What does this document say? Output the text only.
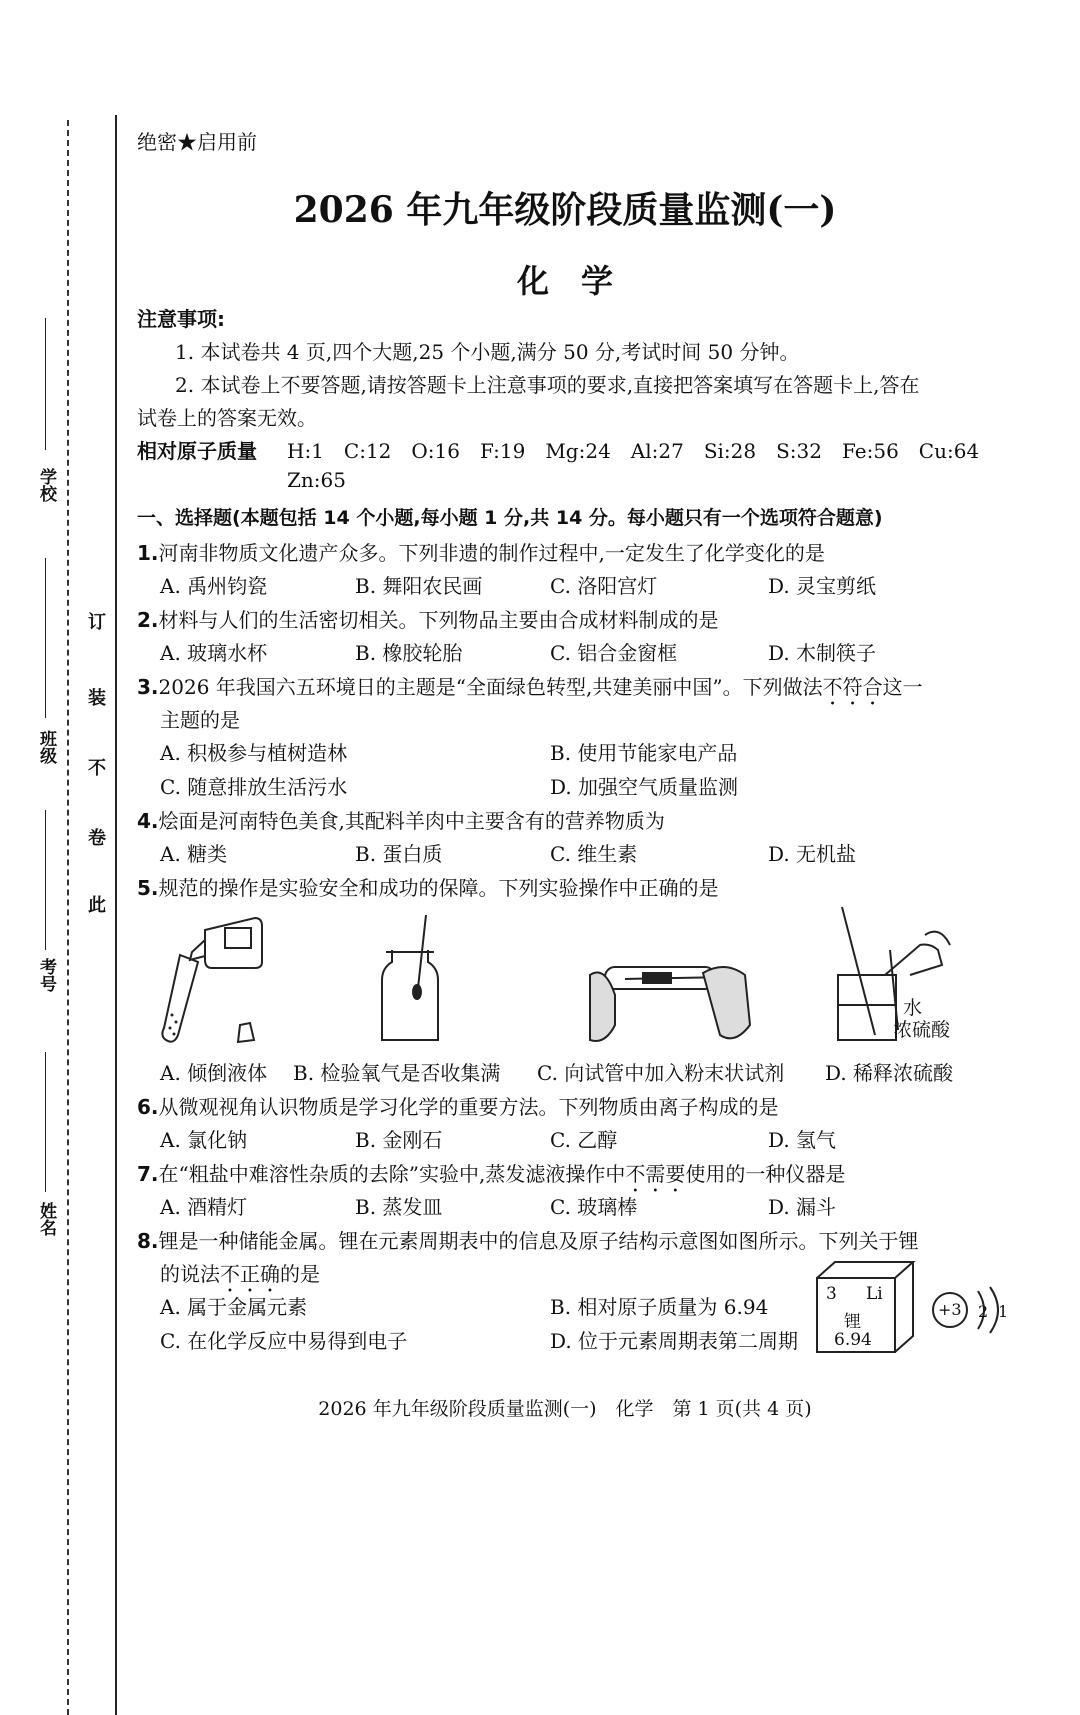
学校
班级
考号
姓名
此
卷
不
装
订
绝密★启用前
2026 年九年级阶段质量监测(一)
化　学
注意事项:
1. 本试卷共 4 页,四个大题,25 个小题,满分 50 分,考试时间 50 分钟。
2. 本试卷上不要答题,请按答题卡上注意事项的要求,直接把答案填写在答题卡上,答在
试卷上的答案无效。
相对原子质量 H:1　C:12　O:16　F:19　Mg:24　Al:27　Si:28　S:32　Fe:56　Cu:64
Zn:65
一、选择题(本题包括 14 个小题,每小题 1 分,共 14 分。每小题只有一个选项符合题意)
1.河南非物质文化遗产众多。下列非遗的制作过程中,一定发生了化学变化的是
A. 禹州钧瓷	B. 舞阳农民画	C. 洛阳宫灯	D. 灵宝剪纸
2.材料与人们的生活密切相关。下列物品主要由合成材料制成的是
A. 玻璃水杯	B. 橡胶轮胎	C. 铝合金窗框	D. 木制筷子
3.2026 年我国六五环境日的主题是“全面绿色转型,共建美丽中国”。下列做法不符合这一
主题的是
A. 积极参与植树造林	B. 使用节能家电产品
C. 随意排放生活污水	D. 加强空气质量监测
4.烩面是河南特色美食,其配料羊肉中主要含有的营养物质为
A. 糖类	B. 蛋白质	C. 维生素	D. 无机盐
5.规范的操作是实验安全和成功的保障。下列实验操作中正确的是
水
浓硫酸
A. 倾倒液体 B. 检验氧气是否收集满 C. 向试管中加入粉末状试剂 D. 稀释浓硫酸
6.从微观视角认识物质是学习化学的重要方法。下列物质由离子构成的是
A. 氯化钠	B. 金刚石	C. 乙醇	D. 氢气
7.在“粗盐中难溶性杂质的去除”实验中,蒸发滤液操作中不需要使用的一种仪器是
A. 酒精灯	B. 蒸发皿	C. 玻璃棒	D. 漏斗
8.锂是一种储能金属。锂在元素周期表中的信息及原子结构示意图如图所示。下列关于锂
的说法不正确的是
A. 属于金属元素	B. 相对原子质量为 6.94
C. 在化学反应中易得到电子	D. 位于元素周期表第二周期
3 Li
锂
6.94
+3 2 1
2026 年九年级阶段质量监测(一)　化学　第 1 页(共 4 页)
